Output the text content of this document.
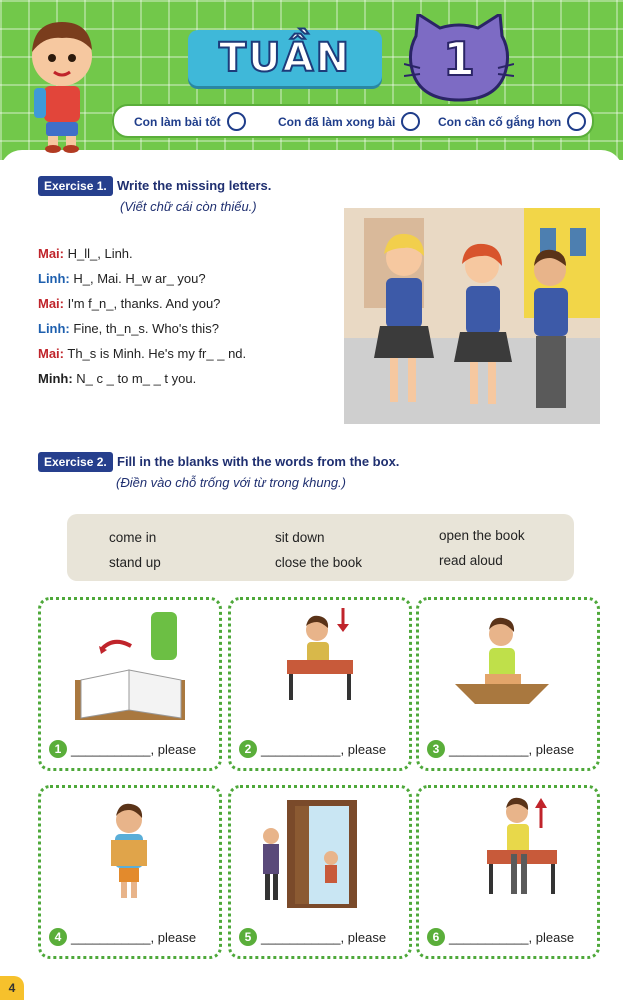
TUẦN	1
Con làm bài tốt	Con đã làm xong bài	Con cần cố gắng hơn
Exercise 1. Write the missing letters.
(Viết chữ cái còn thiếu.)
Mai: H_ll_, Linh.
Linh: H_, Mai. H_w ar_ you?
Mai: I'm f_n_, thanks. And you?
Linh: Fine, th_n_s. Who's this?
Mai: Th_s is Minh. He's my fr_ _ nd.
Minh: N_ c _ to m_ _ t you.
Exercise 2. Fill in the blanks with the words from the box.
(Điền vào chỗ trống với từ trong khung.)
come in	sit down	open the book
stand up	close the book	read aloud
1 ___________, please	2 ___________, please	3 ___________, please
4 ___________, please	5 ___________, please	6 ___________, please
4
